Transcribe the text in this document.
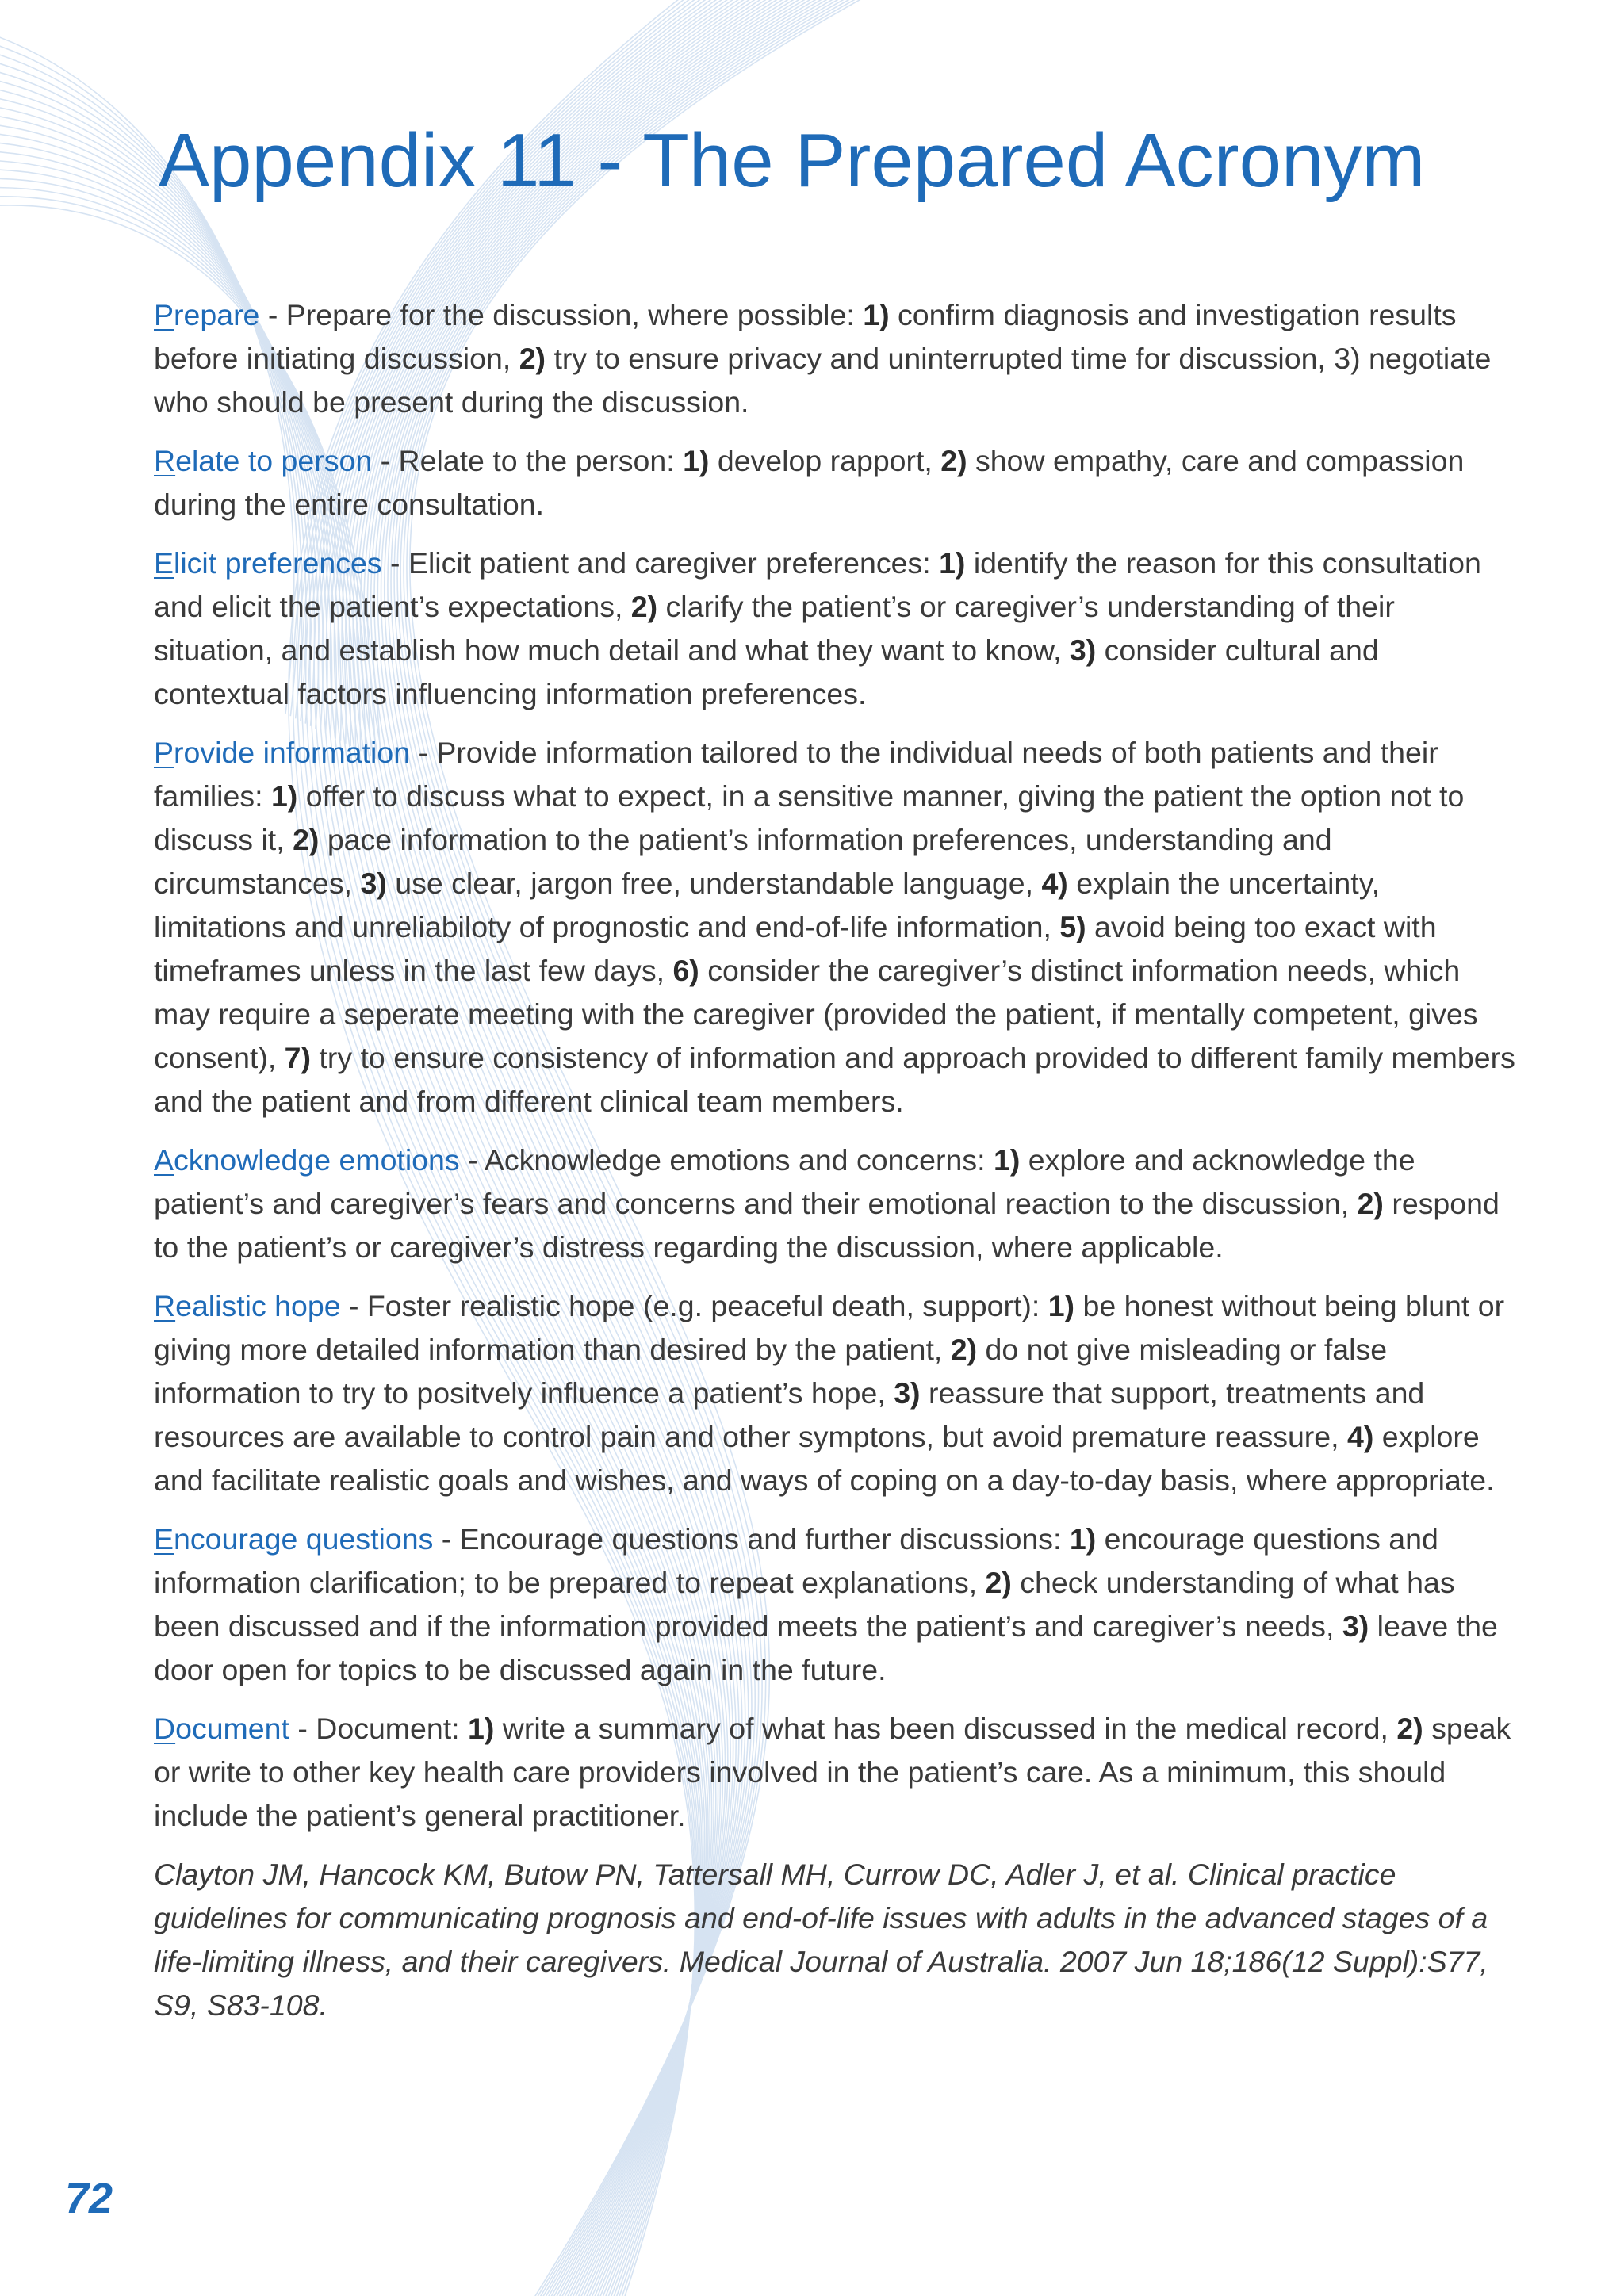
Appendix 11 - The Prepared Acronym

Prepare - Prepare for the discussion, where possible: 1) confirm diagnosis and investigation results before initiating discussion, 2) try to ensure privacy and uninterrupted time for discussion, 3) negotiate who should be present during the discussion.

Relate to person - Relate to the person: 1) develop rapport, 2) show empathy, care and compassion during the entire consultation.

Elicit preferences - Elicit patient and caregiver preferences: 1) identify the reason for this consultation and elicit the patient’s expectations, 2) clarify the patient’s or caregiver’s understanding of their situation, and establish how much detail and what they want to know, 3) consider cultural and contextual factors influencing information preferences.

Provide information - Provide information tailored to the individual needs of both patients and their families: 1) offer to discuss what to expect, in a sensitive manner, giving the patient the option not to discuss it, 2) pace information to the patient’s information preferences, understanding and circumstances, 3) use clear, jargon free, understandable language, 4) explain the uncertainty, limitations and unreliabiloty of prognostic and end-of-life information, 5) avoid being too exact with timeframes unless in the last few days, 6) consider the caregiver’s distinct information needs, which may require a seperate meeting with the caregiver (provided the patient, if mentally competent, gives consent), 7) try to ensure consistency of information and approach provided to different family members and the patient and from different clinical team members.

Acknowledge emotions - Acknowledge emotions and concerns: 1) explore and acknowledge the patient’s and caregiver’s fears and concerns and their emotional reaction to the discussion, 2) respond to the patient’s or caregiver’s distress regarding the discussion, where applicable.

Realistic hope - Foster realistic hope (e.g. peaceful death, support): 1) be honest without being blunt or giving more detailed information than desired by the patient, 2) do not give misleading or false information to try to positvely influence a patient’s hope, 3) reassure that support, treatments and resources are available to control pain and other symptons, but avoid premature reassure, 4) explore and facilitate realistic goals and wishes, and ways of coping on a day-to-day basis, where appropriate.

Encourage questions - Encourage questions and further discussions: 1) encourage questions and information clarification; to be prepared to repeat explanations, 2) check understanding of what has been discussed and if the information provided meets the patient’s and caregiver’s needs, 3) leave the door open for topics to be discussed again in the future.

Document - Document: 1) write a summary of what has been discussed in the medical record, 2) speak or write to other key health care providers involved in the patient’s care. As a minimum, this should include the patient’s general practitioner.

Clayton JM, Hancock KM, Butow PN, Tattersall MH, Currow DC, Adler J, et al. Clinical practice guidelines for communicating prognosis and end-of-life issues with adults in the advanced stages of a life-limiting illness, and their caregivers. Medical Journal of Australia. 2007 Jun 18;186(12 Suppl):S77, S9, S83-108.

72
